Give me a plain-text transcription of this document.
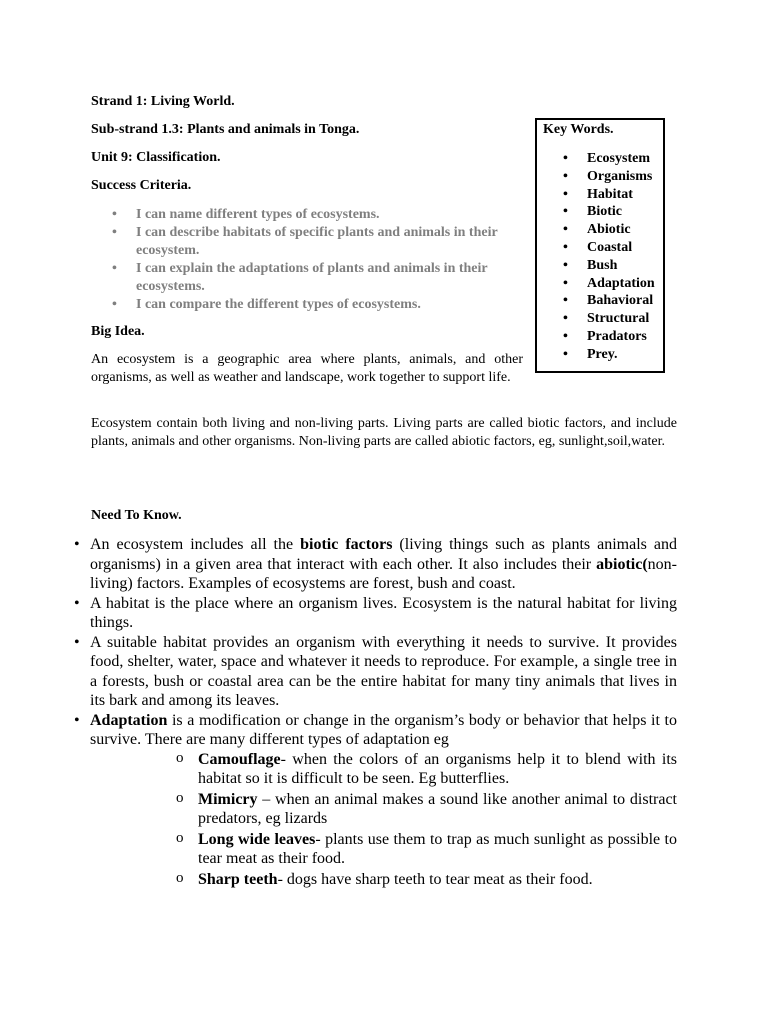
Strand 1: Living World.
Sub-strand 1.3: Plants and animals in Tonga.
Unit 9: Classification.
Success Criteria.
• I can name different types of ecosystems.
• I can describe habitats of specific plants and animals in their ecosystem.
• I can explain the adaptations of plants and animals in their ecosystems.
• I can compare the different types of ecosystems.
Big Idea.

An ecosystem is a geographic area where plants, animals, and other organisms, as well as weather and landscape, work together to support life.

Ecosystem contain both living and non-living parts. Living parts are called biotic factors, and include plants, animals and other organisms. Non-living parts are called abiotic factors, eg, sunlight,soil,water.

Key Words.
• Ecosystem
• Organisms
• Habitat
• Biotic
• Abiotic
• Coastal
• Bush
• Adaptation
• Bahavioral
• Structural
• Pradators
• Prey.
Need To Know.
• An ecosystem includes all the biotic factors (living things such as plants animals and organisms) in a given area that interact with each other. It also includes their abiotic(non-living) factors. Examples of ecosystems are forest, bush and coast.
• A habitat is the place where an organism lives. Ecosystem is the natural habitat for living things.
• A suitable habitat provides an organism with everything it needs to survive. It provides food, shelter, water, space and whatever it needs to reproduce. For example, a single tree in a forests, bush or coastal area can be the entire habitat for many tiny animals that lives in its bark and among its leaves.
• Adaptation is a modification or change in the organism’s body or behavior that helps it to survive. There are many different types of adaptation eg
o Camouflage- when the colors of an organisms help it to blend with its habitat so it is difficult to be seen. Eg butterflies.
o Mimicry – when an animal makes a sound like another animal to distract predators, eg lizards
o Long wide leaves- plants use them to trap as much sunlight as possible to tear meat as their food.
o Sharp teeth- dogs have sharp teeth to tear meat as their food.
